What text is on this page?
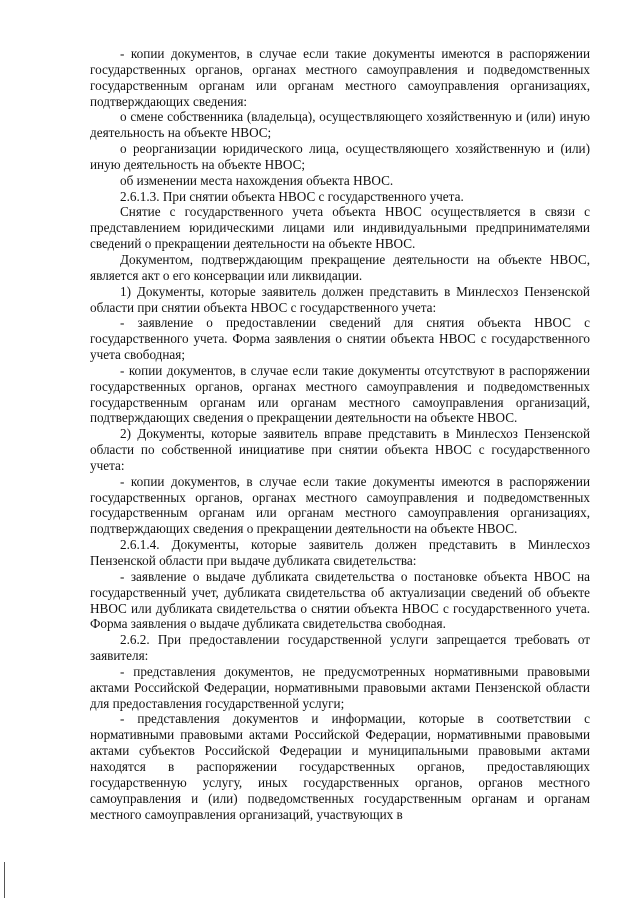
- копии документов, в случае если такие документы имеются в распоряжении государственных органов, органах местного самоуправления и подведомственных государственным органам или органам местного самоуправления организациях, подтверждающих сведения:

о смене собственника (владельца), осуществляющего хозяйственную и (или) иную деятельность на объекте НВОС;

о реорганизации юридического лица, осуществляющего хозяйственную и (или) иную деятельность на объекте НВОС;

об изменении места нахождения объекта НВОС.

2.6.1.3. При снятии объекта НВОС с государственного учета.

Снятие с государственного учета объекта НВОС осуществляется в связи с представлением юридическими лицами или индивидуальными предпринимателями сведений о прекращении деятельности на объекте НВОС.

Документом, подтверждающим прекращение деятельности на объекте НВОС, является акт о его консервации или ликвидации.

1) Документы, которые заявитель должен представить в Минлесхоз Пензенской области при снятии объекта НВОС с государственного учета:

- заявление о предоставлении сведений для снятия объекта НВОС с государственного учета. Форма заявления о снятии объекта НВОС с государственного учета свободная;

- копии документов, в случае если такие документы отсутствуют в распоряжении государственных органов, органах местного самоуправления и подведомственных государственным органам или органам местного самоуправления организаций, подтверждающих сведения о прекращении деятельности на объекте НВОС.

2) Документы, которые заявитель вправе представить в Минлесхоз Пензенской области по собственной инициативе при снятии объекта НВОС с государственного учета:

- копии документов, в случае если такие документы имеются в распоряжении государственных органов, органах местного самоуправления и подведомственных государственным органам или органам местного самоуправления организациях, подтверждающих сведения о прекращении деятельности на объекте НВОС.

2.6.1.4. Документы, которые заявитель должен представить в Минлесхоз Пензенской области при выдаче дубликата свидетельства:

- заявление о выдаче дубликата свидетельства о постановке объекта НВОС на государственный учет, дубликата свидетельства об актуализации сведений об объекте НВОС или дубликата свидетельства о снятии объекта НВОС с государственного учета. Форма заявления о выдаче дубликата свидетельства свободная.

2.6.2. При предоставлении государственной услуги запрещается требовать от заявителя:

- представления документов, не предусмотренных нормативными правовыми актами Российской Федерации, нормативными правовыми актами Пензенской области для предоставления государственной услуги;

- представления документов и информации, которые в соответствии с нормативными правовыми актами Российской Федерации, нормативными правовыми актами субъектов Российской Федерации и муниципальными правовыми актами находятся в распоряжении государственных органов, предоставляющих государственную услугу, иных государственных органов, органов местного самоуправления и (или) подведомственных государственным органам и органам местного самоуправления организаций, участвующих в
